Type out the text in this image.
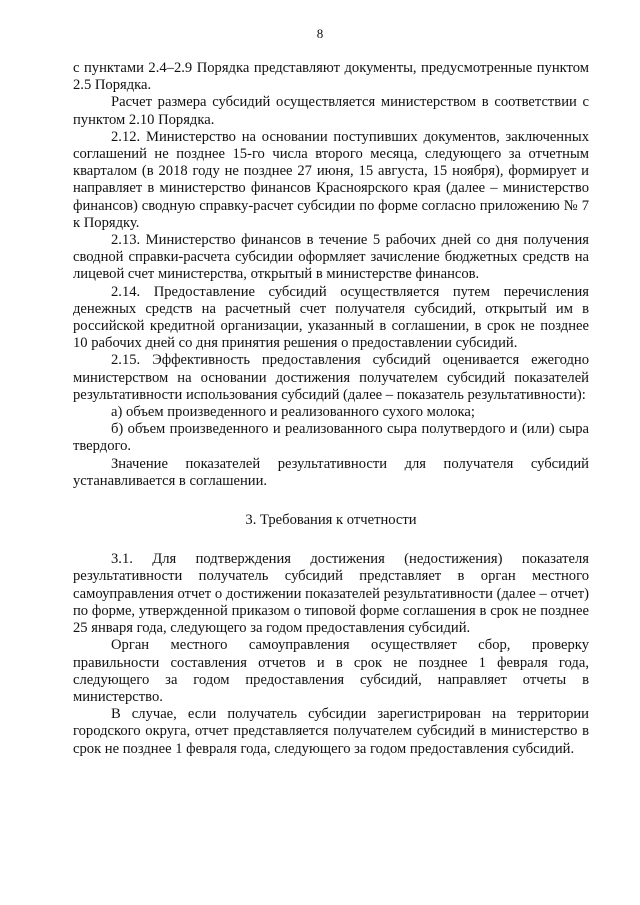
8

с пунктами 2.4–2.9 Порядка представляют документы, предусмотренные пунктом 2.5 Порядка.

Расчет размера субсидий осуществляется министерством в соответствии с пунктом 2.10 Порядка.

2.12. Министерство на основании поступивших документов, заключенных соглашений не позднее 15-го числа второго месяца, следующего за отчетным кварталом (в 2018 году не позднее 27 июня, 15 августа, 15 ноября), формирует и направляет в министерство финансов Красноярского края (далее – министерство финансов) сводную справку-расчет субсидии по форме согласно приложению № 7 к Порядку.

2.13. Министерство финансов в течение 5 рабочих дней со дня получения сводной справки-расчета субсидии оформляет зачисление бюджетных средств на лицевой счет министерства, открытый в министерстве финансов.

2.14. Предоставление субсидий осуществляется путем перечисления денежных средств на расчетный счет получателя субсидий, открытый им в российской кредитной организации, указанный в соглашении, в срок не позднее 10 рабочих дней со дня принятия решения о предоставлении субсидий.

2.15. Эффективность предоставления субсидий оценивается ежегодно министерством на основании достижения получателем субсидий показателей результативности использования субсидий (далее – показатель результативности):

а) объем произведенного и реализованного сухого молока;

б) объем произведенного и реализованного сыра полутвердого и (или) сыра твердого.

Значение показателей результативности для получателя субсидий устанавливается в соглашении.

3. Требования к отчетности

3.1. Для подтверждения достижения (недостижения) показателя результативности получатель субсидий представляет в орган местного самоуправления отчет о достижении показателей результативности (далее – отчет) по форме, утвержденной приказом о типовой форме соглашения в срок не позднее 25 января года, следующего за годом предоставления субсидий.

Орган местного самоуправления осуществляет сбор, проверку правильности составления отчетов и в срок не позднее 1 февраля года, следующего за годом предоставления субсидий, направляет отчеты в министерство.

В случае, если получатель субсидии зарегистрирован на территории городского округа, отчет представляется получателем субсидий в министерство в срок не позднее 1 февраля года, следующего за годом предоставления субсидий.
